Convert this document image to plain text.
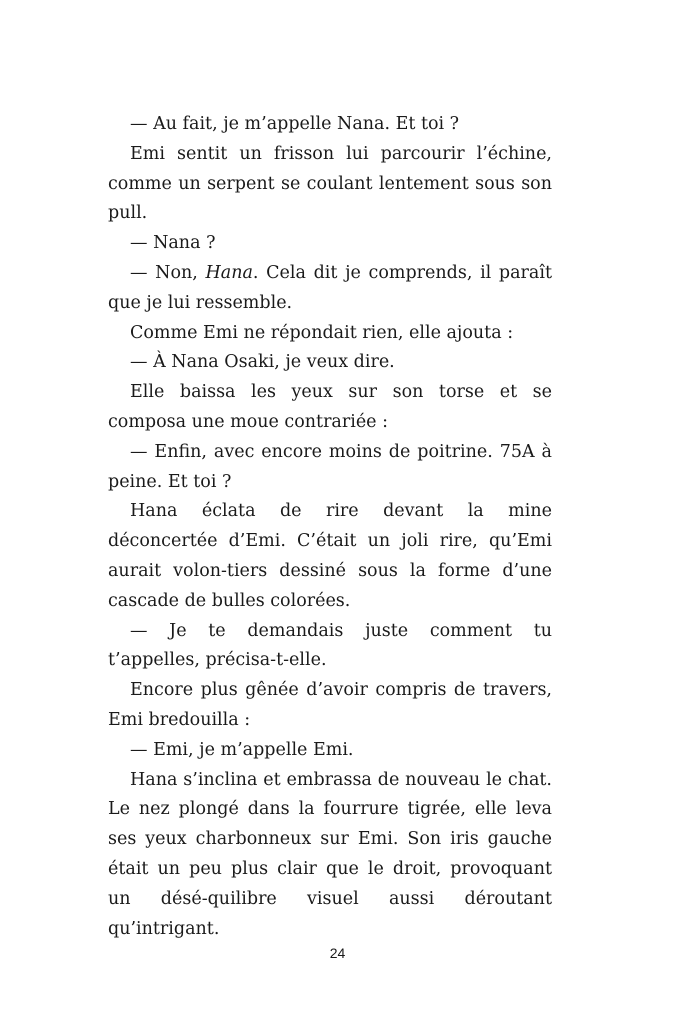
— Au fait, je m’appelle Nana. Et toi ?

Emi sentit un frisson lui parcourir l’échine, comme un serpent se coulant lentement sous son pull.

— Nana ?

— Non, Hana. Cela dit je comprends, il paraît que je lui ressemble.

Comme Emi ne répondait rien, elle ajouta :

— À Nana Osaki, je veux dire.

Elle baissa les yeux sur son torse et se composa une moue contrariée :

— Enfin, avec encore moins de poitrine. 75A à peine. Et toi ?

Hana éclata de rire devant la mine déconcertée d’Emi. C’était un joli rire, qu’Emi aurait volon-tiers dessiné sous la forme d’une cascade de bulles colorées.

— Je te demandais juste comment tu t’appelles, précisa-t-elle.

Encore plus gênée d’avoir compris de travers, Emi bredouilla :

— Emi, je m’appelle Emi.

Hana s’inclina et embrassa de nouveau le chat. Le nez plongé dans la fourrure tigrée, elle leva ses yeux charbonneux sur Emi. Son iris gauche était un peu plus clair que le droit, provoquant un désé-quilibre visuel aussi déroutant qu’intrigant.

24
